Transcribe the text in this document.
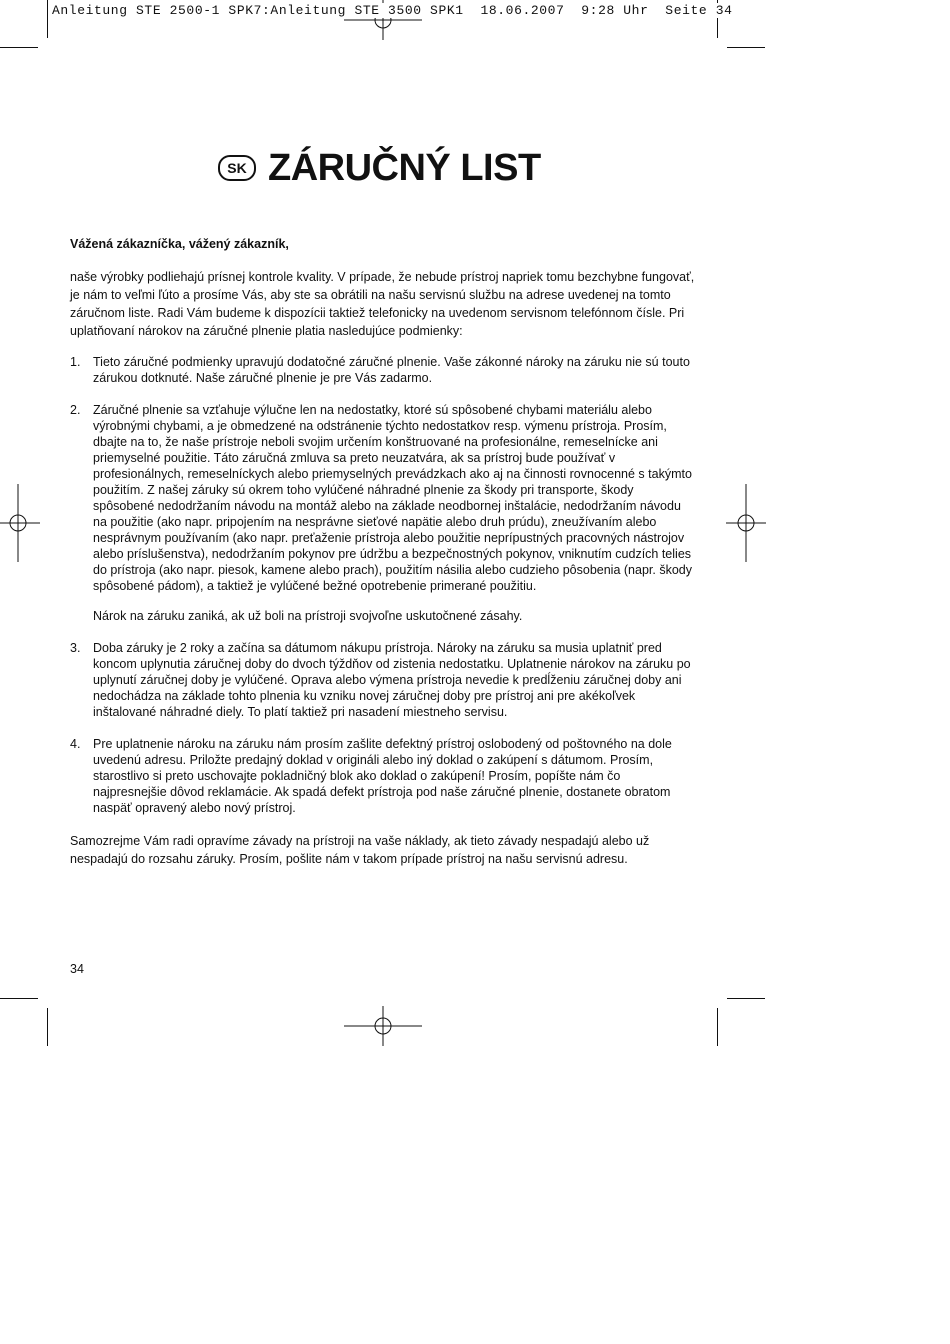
Anleitung STE 2500-1 SPK7:Anleitung STE 3500 SPK1  18.06.2007  9:28 Uhr  Seite 34
SK ZÁRUČNÝ LIST

Vážená zákazníčka, vážený zákazník,

naše výrobky podliehajú prísnej kontrole kvality. V prípade, že nebude prístroj napriek tomu bezchybne fungovať, je nám to veľmi ľúto a prosíme Vás, aby ste sa obrátili na našu servisnú službu na adrese uvedenej na tomto záručnom liste. Radi Vám budeme k dispozícii taktiež telefonicky na uvedenom servisnom telefónnom čísle. Pri uplatňovaní nárokov na záručné plnenie platia nasledujúce podmienky:

1.	Tieto záručné podmienky upravujú dodatočné záručné plnenie. Vaše zákonné nároky na záruku nie sú touto zárukou dotknuté. Naše záručné plnenie je pre Vás zadarmo.

2.	Záručné plnenie sa vzťahuje výlučne len na nedostatky, ktoré sú spôsobené chybami materiálu alebo výrobnými chybami, a je obmedzené na odstránenie týchto nedostatkov resp. výmenu prístroja. Prosím, dbajte na to, že naše prístroje neboli svojim určením konštruované na profesionálne, remeselnícke ani priemyselné použitie. Táto záručná zmluva sa preto neuzatvára, ak sa prístroj bude používať v profesionálnych, remeselníckych alebo priemyselných prevádzkach ako aj na činnosti rovnocenné s takýmto použitím. Z našej záruky sú okrem toho vylúčené náhradné plnenie za škody pri transporte, škody spôsobené nedodržaním návodu na montáž alebo na základe neodbornej inštalácie, nedodržaním návodu na použitie (ako napr. pripojením na nesprávne sieťové napätie alebo druh prúdu), zneužívaním alebo nesprávnym používaním (ako napr. preťaženie prístroja alebo použitie neprípustných pracovných nástrojov alebo príslušenstva), nedodržaním pokynov pre údržbu a bezpečnostných pokynov, vniknutím cudzích telies do prístroja (ako napr. piesok, kamene alebo prach), použitím násilia alebo cudzieho pôsobenia (napr. škody spôsobené pádom), a taktiež je vylúčené bežné opotrebenie primerané použitiu.

Nárok na záruku zaniká, ak už boli na prístroji svojvoľne uskutočnené zásahy.

3.	Doba záruky je 2 roky a začína sa dátumom nákupu prístroja. Nároky na záruku sa musia uplatniť pred koncom uplynutia záručnej doby do dvoch týždňov od zistenia nedostatku. Uplatnenie nárokov na záruku po uplynutí záručnej doby je vylúčené. Oprava alebo výmena prístroja nevedie k predĺženiu záručnej doby ani nedochádza na základe tohto plnenia ku vzniku novej záručnej doby pre prístroj ani pre akékoľvek inštalované náhradné diely. To platí taktiež pri nasadení miestneho servisu.

4.	Pre uplatnenie nároku na záruku nám prosím zašlite defektný prístroj oslobodený od poštovného na dole uvedenú adresu. Priložte predajný doklad v origináli alebo iný doklad o zakúpení s dátumom. Prosím, starostlivo si preto uschovajte pokladničný blok ako doklad o zakúpení! Prosím, popíšte nám čo najpresnejšie dôvod reklamácie. Ak spadá defekt prístroja pod naše záručné plnenie, dostanete obratom naspäť opravený alebo nový prístroj.

Samozrejme Vám radi opravíme závady na prístroji na vaše náklady, ak tieto závady nespadajú alebo už nespadajú do rozsahu záruky. Prosím, pošlite nám v takom prípade prístroj na našu servisnú adresu.

34
